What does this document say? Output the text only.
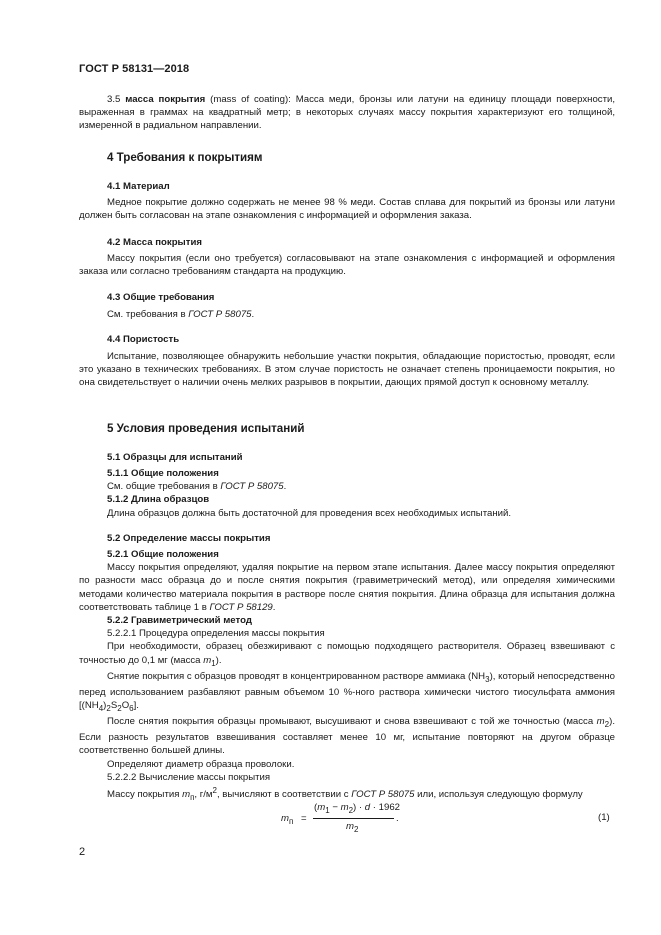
ГОСТ Р 58131—2018

3.5 масса покрытия (mass of coating): Масса меди, бронзы или латуни на единицу площади поверхности, выраженная в граммах на квадратный метр; в некоторых случаях массу покрытия характеризуют его толщиной, измеренной в радиальном направлении.

4 Требования к покрытиям
4.1 Материал

Медное покрытие должно содержать не менее 98 % меди. Состав сплава для покрытий из бронзы или латуни должен быть согласован на этапе ознакомления с информацией и оформления заказа.

4.2 Масса покрытия

Массу покрытия (если оно требуется) согласовывают на этапе ознакомления с информацией и оформления заказа или согласно требованиям стандарта на продукцию.

4.3 Общие требования

См. требования в ГОСТ Р 58075.

4.4 Пористость

Испытание, позволяющее обнаружить небольшие участки покрытия, обладающие пористостью, проводят, если это указано в технических требованиях. В этом случае пористость не означает степень проницаемости покрытия, но она свидетельствует о наличии очень мелких разрывов в покрытии, дающих прямой доступ к основному металлу.

5 Условия проведения испытаний
5.1 Образцы для испытаний
5.1.1 Общие положения
См. общие требования в ГОСТ Р 58075.
5.1.2 Длина образцов
Длина образцов должна быть достаточной для проведения всех необходимых испытаний.
5.2 Определение массы покрытия
5.2.1 Общие положения

Массу покрытия определяют, удаляя покрытие на первом этапе испытания. Далее массу покрытия определяют по разности масс образца до и после снятия покрытия (гравиметрический метод), или определяя химическими методами количество материала покрытия в растворе после снятия покрытия. Длина образца для испытания должна соответствовать таблице 1 в ГОСТ Р 58129.

5.2.2 Гравиметрический метод
5.2.2.1 Процедура определения массы покрытия

При необходимости, образец обезжиривают с помощью подходящего растворителя. Образец взвешивают с точностью до 0,1 мг (масса $m_1$).

Снятие покрытия с образцов проводят в концентрированном растворе аммиака $(NH_3)$, который непосредственно перед использованием разбавляют равным объемом 10 %-ного раствора химически чистого тиосульфата аммония $[(NH_4)_2S_2O_6]$.

После снятия покрытия образцы промывают, высушивают и снова взвешивают с той же точностью (масса $m_2$). Если разность результатов взвешивания составляет менее 10 мг, испытание повторяют на другом образце соответственно большей длины.

Определяют диаметр образца проволоки.

5.2.2.2 Вычисление массы покрытия

Массу покрытия $m_п$, $г/м^2$, вычисляют в соответствии с ГОСТ Р 58075 или, используя следующую формулу

$m_п$ =
$(m_1 - m_2) \cdot d \cdot 1962$
$m_2$
.	(1)
2
